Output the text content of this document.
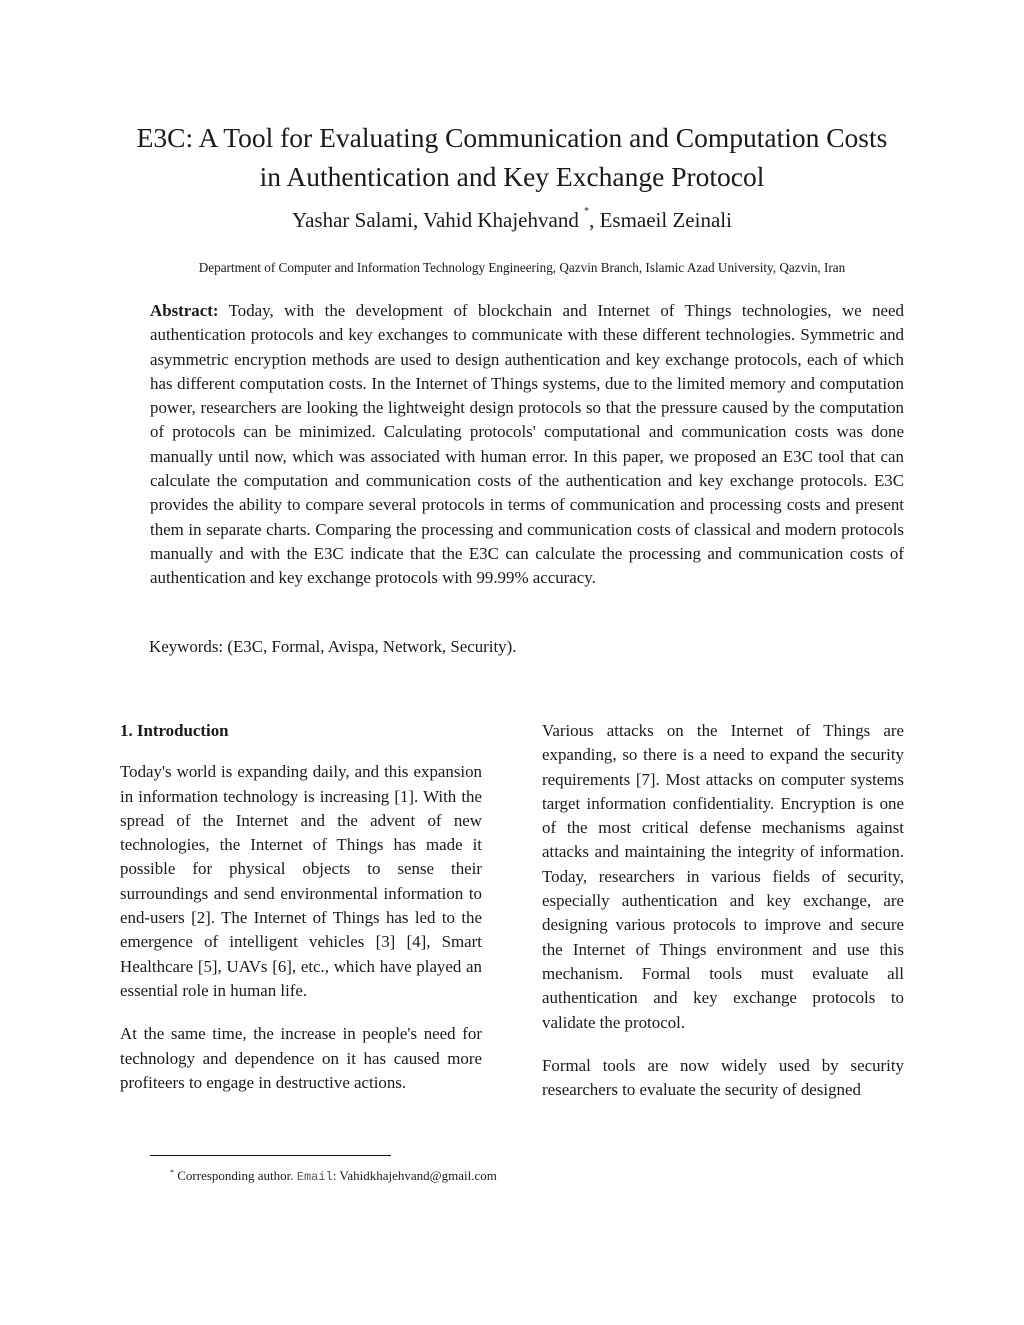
E3C: A Tool for Evaluating Communication and Computation Costs
in Authentication and Key Exchange Protocol
Yashar Salami, Vahid Khajehvand *, Esmaeil Zeinali
Department of Computer and Information Technology Engineering, Qazvin Branch, Islamic Azad University, Qazvin, Iran
Abstract: Today, with the development of blockchain and Internet of Things technologies, we need authentication protocols and key exchanges to communicate with these different technologies. Symmetric and asymmetric encryption methods are used to design authentication and key exchange protocols, each of which has different computation costs. In the Internet of Things systems, due to the limited memory and computation power, researchers are looking the lightweight design protocols so that the pressure caused by the computation of protocols can be minimized. Calculating protocols' computational and communication costs was done manually until now, which was associated with human error. In this paper, we proposed an E3C tool that can calculate the computation and communication costs of the authentication and key exchange protocols. E3C provides the ability to compare several protocols in terms of communication and processing costs and present them in separate charts. Comparing the processing and communication costs of classical and modern protocols manually and with the E3C indicate that the E3C can calculate the processing and communication costs of authentication and key exchange protocols with 99.99% accuracy.
Keywords: (E3C, Formal, Avispa, Network, Security).

1. Introduction

Today's world is expanding daily, and this expansion in information technology is increasing [1]. With the spread of the Internet and the advent of new technologies, the Internet of Things has made it possible for physical objects to sense their surroundings and send environmental information to end-users [2]. The Internet of Things has led to the emergence of intelligent vehicles [3] [4], Smart Healthcare [5], UAVs [6], etc., which have played an essential role in human life.

At the same time, the increase in people's need for technology and dependence on it has caused more profiteers to engage in destructive actions.

Various attacks on the Internet of Things are expanding, so there is a need to expand the security requirements [7]. Most attacks on computer systems target information confidentiality. Encryption is one of the most critical defense mechanisms against attacks and maintaining the integrity of information. Today, researchers in various fields of security, especially authentication and key exchange, are designing various protocols to improve and secure the Internet of Things environment and use this mechanism. Formal tools must evaluate all authentication and key exchange protocols to validate the protocol.

Formal tools are now widely used by security researchers to evaluate the security of designed

* Corresponding author. Email: Vahidkhajehvand@gmail.com
